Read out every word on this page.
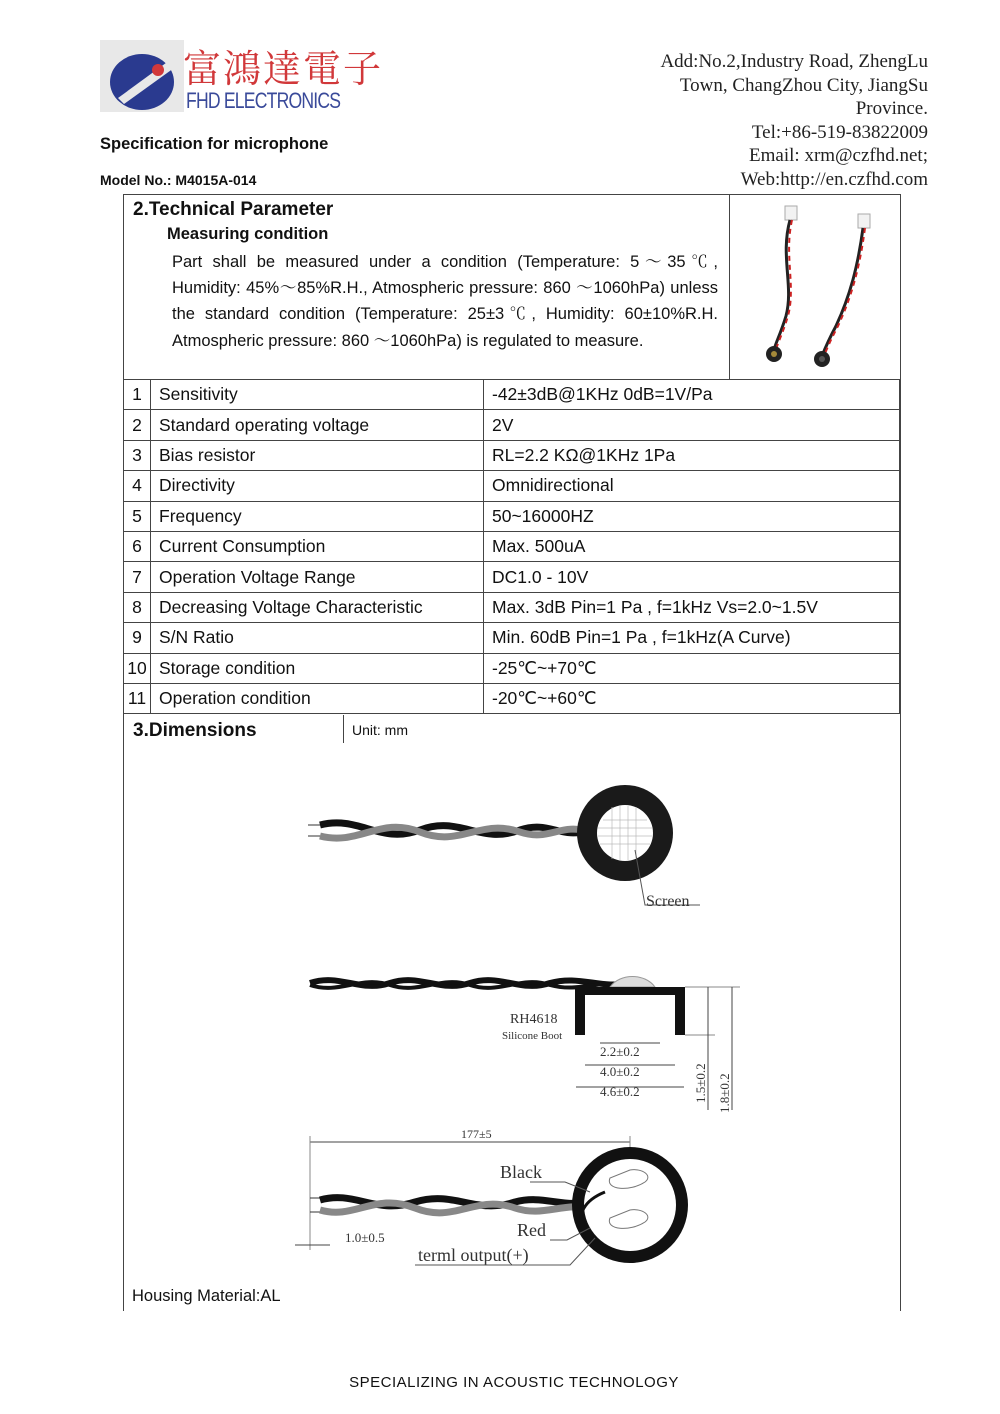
富鴻達電子
FHD ELECTRONICS
Add:No.2,Industry Road, ZhengLu
Town, ChangZhou City, JiangSu
Province.
Tel:+86-519-83822009
Email: xrm@czfhd.net;
Web:http://en.czfhd.com
Specification for microphone
Model No.: M4015A-014
2.Technical Parameter
Measuring condition
Part shall be measured under a condition (Temperature: 5～35℃, Humidity: 45%～85%R.H., Atmospheric pressure: 860 ～1060hPa) unless the standard condition (Temperature: 25±3℃, Humidity: 60±10%R.H. Atmospheric pressure: 860 ～1060hPa) is regulated to measure.
1	Sensitivity	-42±3dB@1KHz 0dB=1V/Pa
2	Standard operating voltage	2V
3	Bias resistor	RL=2.2 KΩ@1KHz 1Pa
4	Directivity	Omnidirectional
5	Frequency	50~16000HZ
6	Current Consumption	Max. 500uA
7	Operation Voltage Range	DC1.0 - 10V
8	Decreasing Voltage Characteristic	Max. 3dB Pin=1 Pa , f=1kHz Vs=2.0~1.5V
9	S/N Ratio	Min. 60dB Pin=1 Pa , f=1kHz(A Curve)
10	Storage condition	-25℃~+70℃
11	Operation condition	-20℃~+60℃
3.Dimensions	Unit: mm
Screen
RH4618
Silicone Boot
2.2±0.2
4.0±0.2
4.6±0.2	1.5±0.2 1.8±0.2
177±5
1.0±0.5
Black
Red
terml output(+)
Housing Material:AL
SPECIALIZING IN ACOUSTIC TECHNOLOGY
